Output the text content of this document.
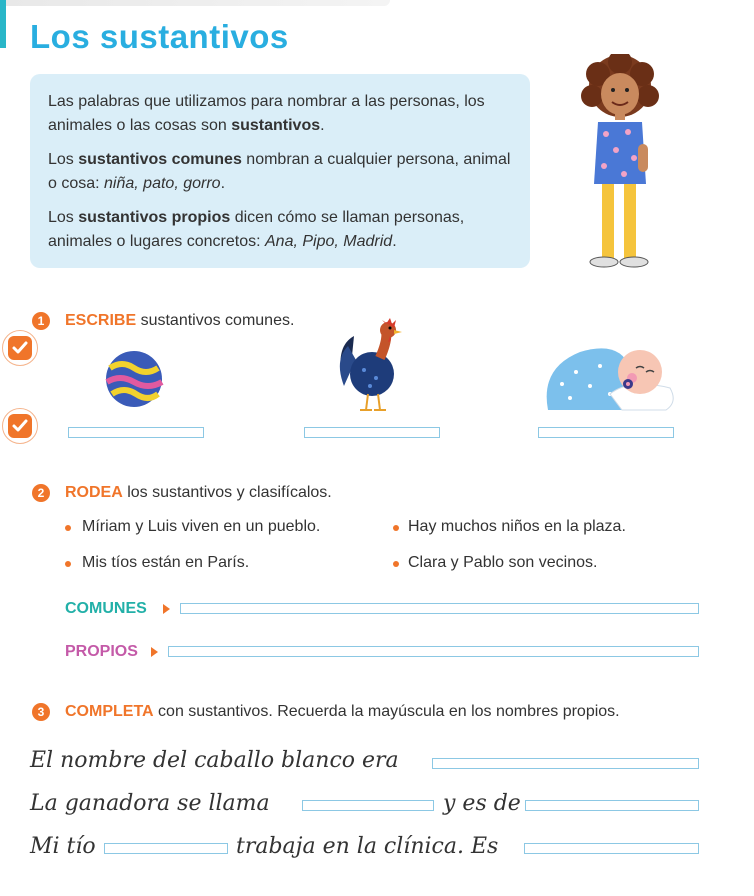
Los sustantivos

Las palabras que utilizamos para nombrar a las personas, los animales o las cosas son sustantivos.

Los sustantivos comunes nombran a cualquier persona, animal o cosa: niña, pato, gorro.

Los sustantivos propios dicen cómo se llaman personas, animales o lugares concretos: Ana, Pipo, Madrid.

1	ESCRIBE sustantivos comunes.
2	RODEA los sustantivos y clasifícalos.
Míriam y Luis viven en un pueblo.	Hay muchos niños en la plaza.
Mis tíos están en París.	Clara y Pablo son vecinos.
COMUNES
PROPIOS
3	COMPLETA con sustantivos. Recuerda la mayúscula en los nombres propios.
El nombre del caballo blanco era
La ganadora se llama	y es de
Mi tío	trabaja en la clínica. Es
